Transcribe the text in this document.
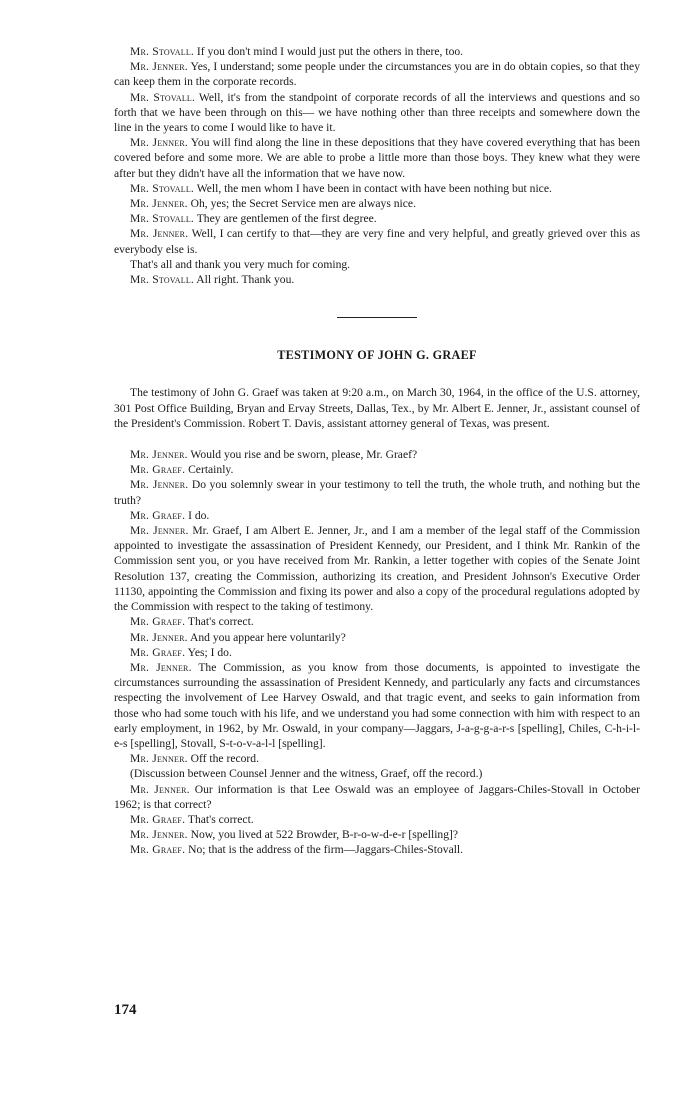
Mr. Stovall. If you don't mind I would just put the others in there, too.

Mr. Jenner. Yes, I understand; some people under the circumstances you are in do obtain copies, so that they can keep them in the corporate records.

Mr. Stovall. Well, it's from the standpoint of corporate records of all the interviews and questions and so forth that we have been through on this— we have nothing other than three receipts and somewhere down the line in the years to come I would like to have it.

Mr. Jenner. You will find along the line in these depositions that they have covered everything that has been covered before and some more. We are able to probe a little more than those boys. They knew what they were after but they didn't have all the information that we have now.

Mr. Stovall. Well, the men whom I have been in contact with have been nothing but nice.

Mr. Jenner. Oh, yes; the Secret Service men are always nice.

Mr. Stovall. They are gentlemen of the first degree.

Mr. Jenner. Well, I can certify to that—they are very fine and very helpful, and greatly grieved over this as everybody else is.

That's all and thank you very much for coming.

Mr. Stovall. All right. Thank you.

TESTIMONY OF JOHN G. GRAEF

The testimony of John G. Graef was taken at 9:20 a.m., on March 30, 1964, in the office of the U.S. attorney, 301 Post Office Building, Bryan and Ervay Streets, Dallas, Tex., by Mr. Albert E. Jenner, Jr., assistant counsel of the President's Commission. Robert T. Davis, assistant attorney general of Texas, was present.

Mr. Jenner. Would you rise and be sworn, please, Mr. Graef?

Mr. Graef. Certainly.

Mr. Jenner. Do you solemnly swear in your testimony to tell the truth, the whole truth, and nothing but the truth?

Mr. Graef. I do.

Mr. Jenner. Mr. Graef, I am Albert E. Jenner, Jr., and I am a member of the legal staff of the Commission appointed to investigate the assassination of President Kennedy, our President, and I think Mr. Rankin of the Commission sent you, or you have received from Mr. Rankin, a letter together with copies of the Senate Joint Resolution 137, creating the Commission, authorizing its creation, and President Johnson's Executive Order 11130, appointing the Commission and fixing its power and also a copy of the procedural regulations adopted by the Commission with respect to the taking of testimony.

Mr. Graef. That's correct.

Mr. Jenner. And you appear here voluntarily?

Mr. Graef. Yes; I do.

Mr. Jenner. The Commission, as you know from those documents, is appointed to investigate the circumstances surrounding the assassination of President Kennedy, and particularly any facts and circumstances respecting the involvement of Lee Harvey Oswald, and that tragic event, and seeks to gain information from those who had some touch with his life, and we understand you had some connection with him with respect to an early employment, in 1962, by Mr. Oswald, in your company—Jaggars, J-a-g-g-a-r-s [spelling], Chiles, C-h-i-l-e-s [spelling], Stovall, S-t-o-v-a-l-l [spelling].

Mr. Jenner. Off the record.

(Discussion between Counsel Jenner and the witness, Graef, off the record.)

Mr. Jenner. Our information is that Lee Oswald was an employee of Jaggars-Chiles-Stovall in October 1962; is that correct?

Mr. Graef. That's correct.

Mr. Jenner. Now, you lived at 522 Browder, B-r-o-w-d-e-r [spelling]?

Mr. Graef. No; that is the address of the firm—Jaggars-Chiles-Stovall.

174
